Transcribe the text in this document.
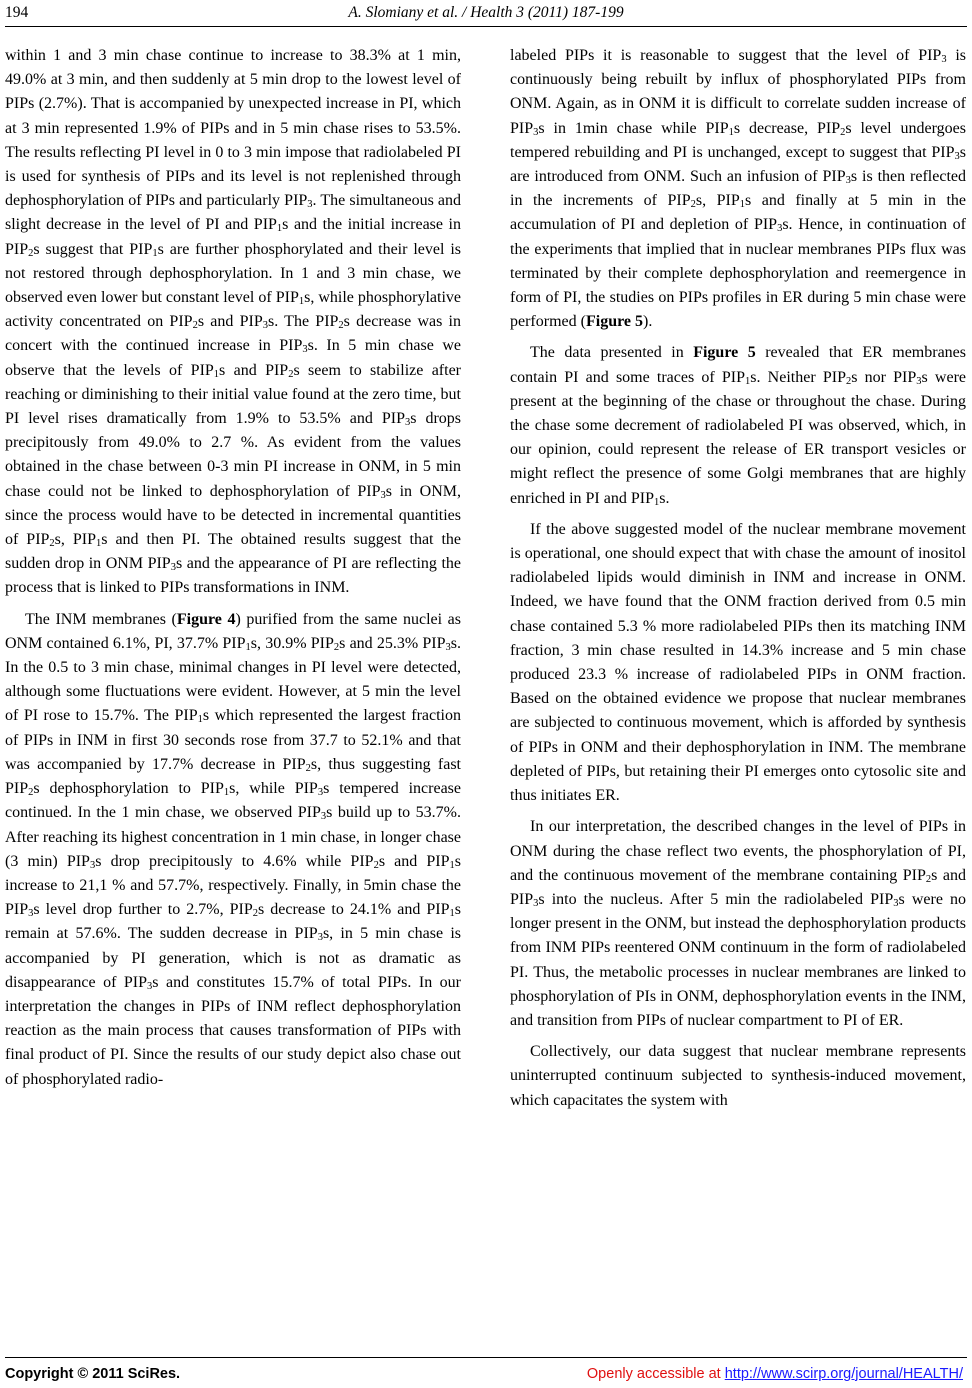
194	A. Slomiany et al. / Health 3 (2011) 187-199

within 1 and 3 min chase continue to increase to 38.3% at 1 min, 49.0% at 3 min, and then suddenly at 5 min drop to the lowest level of PIPs (2.7%). That is accompanied by unexpected increase in PI, which at 3 min represented 1.9% of PIPs and in 5 min chase rises to 53.5%. The results reflecting PI level in 0 to 3 min impose that radiolabeled PI is used for synthesis of PIPs and its level is not replenished through dephosphorylation of PIPs and particularly $PIP_3$. The simultaneous and slight decrease in the level of PI and $PIP_1s$ and the initial increase in $PIP_2s$ suggest that $PIP_1s$ are further phosphorylated and their level is not restored through dephosphorylation. In 1 and 3 min chase, we observed even lower but constant level of $PIP_1s$, while phosphorylative activity concentrated on $PIP_2s$ and $PIP_3s$. The $PIP_2s$ decrease was in concert with the continued increase in $PIP_3s$. In 5 min chase we observe that the levels of $PIP_1s$ and $PIP_2s$ seem to stabilize after reaching or diminishing to their initial value found at the zero time, but PI level rises dramatically from 1.9% to 53.5% and $PIP_3s$ drops precipitously from 49.0% to 2.7 %. As evident from the values obtained in the chase between 0-3 min PI increase in ONM, in 5 min chase could not be linked to dephosphorylation of $PIP_3s$ in ONM, since the process would have to be detected in incremental quantities of $PIP_2s$, $PIP_1s$ and then PI. The obtained results suggest that the sudden drop in ONM $PIP_3s$ and the appearance of PI are reflecting the process that is linked to PIPs transformations in INM.

The INM membranes (Figure 4) purified from the same nuclei as ONM contained 6.1%, PI, 37.7% $PIP_1s$, 30.9% $PIP_2s$ and 25.3% $PIP_3s$. In the 0.5 to 3 min chase, minimal changes in PI level were detected, although some fluctuations were evident. However, at 5 min the level of PI rose to 15.7%. The $PIP_1s$ which represented the largest fraction of PIPs in INM in first 30 seconds rose from 37.7 to 52.1% and that was accompanied by 17.7% decrease in $PIP_2s$, thus suggesting fast $PIP_2s$ dephosphorylation to $PIP_1s$, while $PIP_3s$ tempered increase continued. In the 1 min chase, we observed $PIP_3s$ build up to 53.7%. After reaching its highest concentration in 1 min chase, in longer chase (3 min) $PIP_3s$ drop precipitously to 4.6% while $PIP_2s$ and $PIP_1s$ increase to 21,1 % and 57.7%, respectively. Finally, in 5min chase the $PIP_3s$ level drop further to 2.7%, $PIP_2s$ decrease to 24.1% and $PIP_1s$ remain at 57.6%. The sudden decrease in $PIP_3s$, in 5 min chase is accompanied by PI generation, which is not as dramatic as disappearance of $PIP_3s$ and constitutes 15.7% of total PIPs. In our interpretation the changes in PIPs of INM reflect dephosphorylation reaction as the main process that causes transformation of PIPs with final product of PI. Since the results of our study depict also chase out of phosphorylated radio-

labeled PIPs it is reasonable to suggest that the level of $PIP_3$ is continuously being rebuilt by influx of phosphorylated PIPs from ONM. Again, as in ONM it is difficult to correlate sudden increase of $PIP_3s$ in 1min chase while $PIP_1s$ decrease, $PIP_2s$ level undergoes tempered rebuilding and PI is unchanged, except to suggest that $PIP_3s$ are introduced from ONM. Such an infusion of $PIP_3s$ is then reflected in the increments of $PIP_2s$, $PIP_1s$ and finally at 5 min in the accumulation of PI and depletion of $PIP_3s$. Hence, in continuation of the experiments that implied that in nuclear membranes PIPs flux was terminated by their complete dephosphorylation and reemergence in form of PI, the studies on PIPs profiles in ER during 5 min chase were performed (Figure 5).

The data presented in Figure 5 revealed that ER membranes contain PI and some traces of $PIP_1s$. Neither $PIP_2s$ nor $PIP_3s$ were present at the beginning of the chase or throughout the chase. During the chase some decrement of radiolabeled PI was observed, which, in our opinion, could represent the release of ER transport vesicles or might reflect the presence of some Golgi membranes that are highly enriched in PI and $PIP_1s$.

If the above suggested model of the nuclear membrane movement is operational, one should expect that with chase the amount of inositol radiolabeled lipids would diminish in INM and increase in ONM. Indeed, we have found that the ONM fraction derived from 0.5 min chase contained 5.3 % more radiolabeled PIPs then its matching INM fraction, 3 min chase resulted in 14.3% increase and 5 min chase produced 23.3 % increase of radiolabeled PIPs in ONM fraction. Based on the obtained evidence we propose that nuclear membranes are subjected to continuous movement, which is afforded by synthesis of PIPs in ONM and their dephosphorylation in INM. The membrane depleted of PIPs, but retaining their PI emerges onto cytosolic site and thus initiates ER.

In our interpretation, the described changes in the level of PIPs in ONM during the chase reflect two events, the phosphorylation of PI, and the continuous movement of the membrane containing $PIP_2s$ and $PIP_3s$ into the nucleus. After 5 min the radiolabeled $PIP_3s$ were no longer present in the ONM, but instead the dephosphorylation products from INM PIPs reentered ONM continuum in the form of radiolabeled PI. Thus, the metabolic processes in nuclear membranes are linked to phosphorylation of PIs in ONM, dephosphorylation events in the INM, and transition from PIPs of nuclear compartment to PI of ER.

Collectively, our data suggest that nuclear membrane represents uninterrupted continuum subjected to synthesis-induced movement, which capacitates the system with

Copyright © 2011 SciRes.	Openly accessible at http://www.scirp.org/journal/HEALTH/
